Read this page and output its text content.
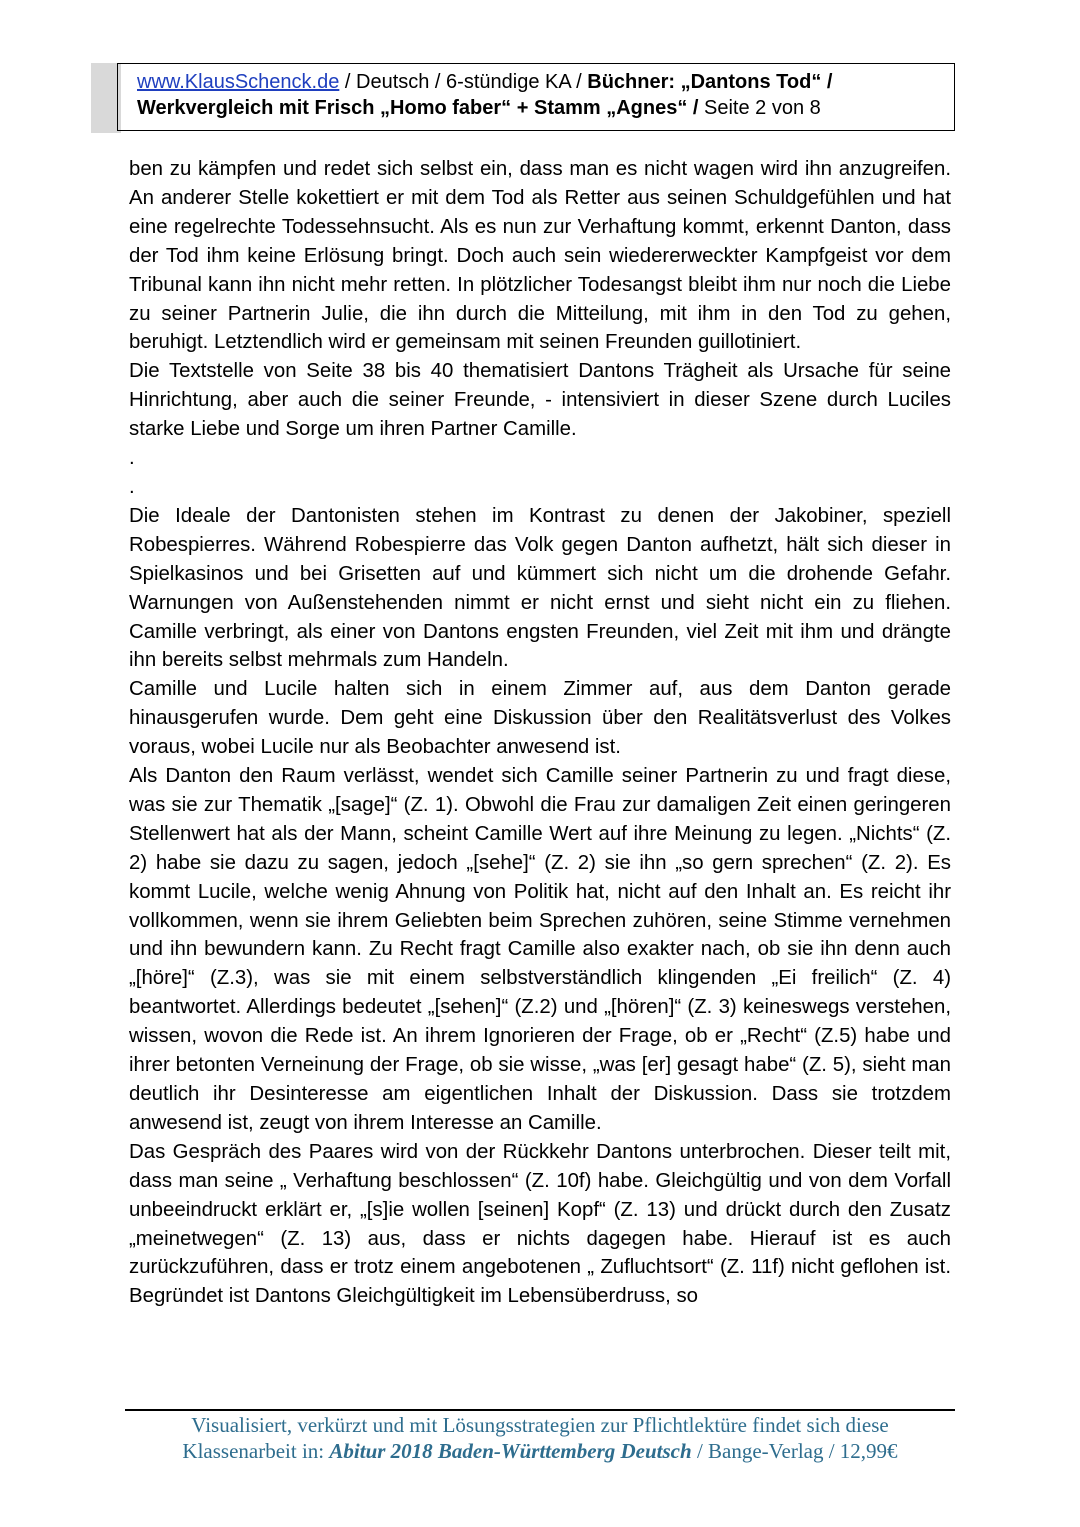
www.KlausSchenck.de / Deutsch / 6-stündige KA / Büchner: „Dantons Tod“ /
Werkvergleich mit Frisch „Homo faber“ + Stamm „Agnes“ / Seite 2 von 8

ben zu kämpfen und redet sich selbst ein, dass man es nicht wagen wird ihn anzugreifen. An anderer Stelle kokettiert er mit dem Tod als Retter aus seinen Schuldgefühlen und hat eine regelrechte Todessehnsucht. Als es nun zur Verhaftung kommt, erkennt Danton, dass der Tod ihm keine Erlösung bringt. Doch auch sein wiedererweckter Kampfgeist vor dem Tribunal kann ihn nicht mehr retten. In plötzlicher Todesangst bleibt ihm nur noch die Liebe zu seiner Partnerin Julie, die ihn durch die Mitteilung, mit ihm in den Tod zu gehen, beruhigt. Letztendlich wird er gemeinsam mit seinen Freunden guillotiniert.

Die Textstelle von Seite 38 bis 40 thematisiert Dantons Trägheit als Ursache für seine Hinrichtung, aber auch die seiner Freunde, - intensiviert in dieser Szene durch Luciles starke Liebe und Sorge um ihren Partner Camille.

.

.

Die Ideale der Dantonisten stehen im Kontrast zu denen der Jakobiner, speziell Robespierres. Während Robespierre das Volk gegen Danton aufhetzt, hält sich dieser in Spielkasinos und bei Grisetten auf und kümmert sich nicht um die drohende Gefahr. Warnungen von Außenstehenden nimmt er nicht ernst und sieht nicht ein zu fliehen. Camille verbringt, als einer von Dantons engsten Freunden, viel Zeit mit ihm und drängte ihn bereits selbst mehrmals zum Handeln.

Camille und Lucile halten sich in einem Zimmer auf, aus dem Danton gerade hinausgerufen wurde. Dem geht eine Diskussion über den Realitätsverlust des Volkes voraus, wobei Lucile nur als Beobachter anwesend ist.

Als Danton den Raum verlässt, wendet sich Camille seiner Partnerin zu und fragt diese, was sie zur Thematik „[sage]“ (Z. 1). Obwohl die Frau zur damaligen Zeit einen geringeren Stellenwert hat als der Mann, scheint Camille Wert auf ihre Meinung zu legen. „Nichts“ (Z. 2) habe sie dazu zu sagen, jedoch „[sehe]“ (Z. 2) sie ihn „so gern sprechen“ (Z. 2). Es kommt Lucile, welche wenig Ahnung von Politik hat, nicht auf den Inhalt an. Es reicht ihr vollkommen, wenn sie ihrem Geliebten beim Sprechen zuhören, seine Stimme vernehmen und ihn bewundern kann. Zu Recht fragt Camille also exakter nach, ob sie ihn denn auch „[höre]“ (Z.3), was sie mit einem selbstverständlich klingenden „Ei freilich“ (Z. 4) beantwortet. Allerdings bedeutet „[sehen]“ (Z.2) und „[hören]“ (Z. 3) keineswegs verstehen, wissen, wovon die Rede ist. An ihrem Ignorieren der Frage, ob er „Recht“ (Z.5) habe und ihrer betonten Verneinung der Frage, ob sie wisse, „was [er] gesagt habe“ (Z. 5), sieht man deutlich ihr Desinteresse am eigentlichen Inhalt der Diskussion. Dass sie trotzdem anwesend ist, zeugt von ihrem Interesse an Camille.

Das Gespräch des Paares wird von der Rückkehr Dantons unterbrochen. Dieser teilt mit, dass man seine „ Verhaftung beschlossen“ (Z. 10f) habe. Gleichgültig und von dem Vorfall unbeeindruckt erklärt er, „[s]ie wollen [seinen] Kopf“ (Z. 13) und drückt durch den Zusatz „meinetwegen“ (Z. 13) aus, dass er nichts dagegen habe. Hierauf ist es auch zurückzuführen, dass er trotz einem angebotenen „ Zufluchtsort“ (Z. 11f) nicht geflohen ist. Begründet ist Dantons Gleichgültigkeit im Lebensüberdruss, so

Visualisiert, verkürzt und mit Lösungsstrategien zur Pflichtlektüre findet sich diese
Klassenarbeit in: Abitur 2018 Baden-Württemberg Deutsch / Bange-Verlag / 12,99€
